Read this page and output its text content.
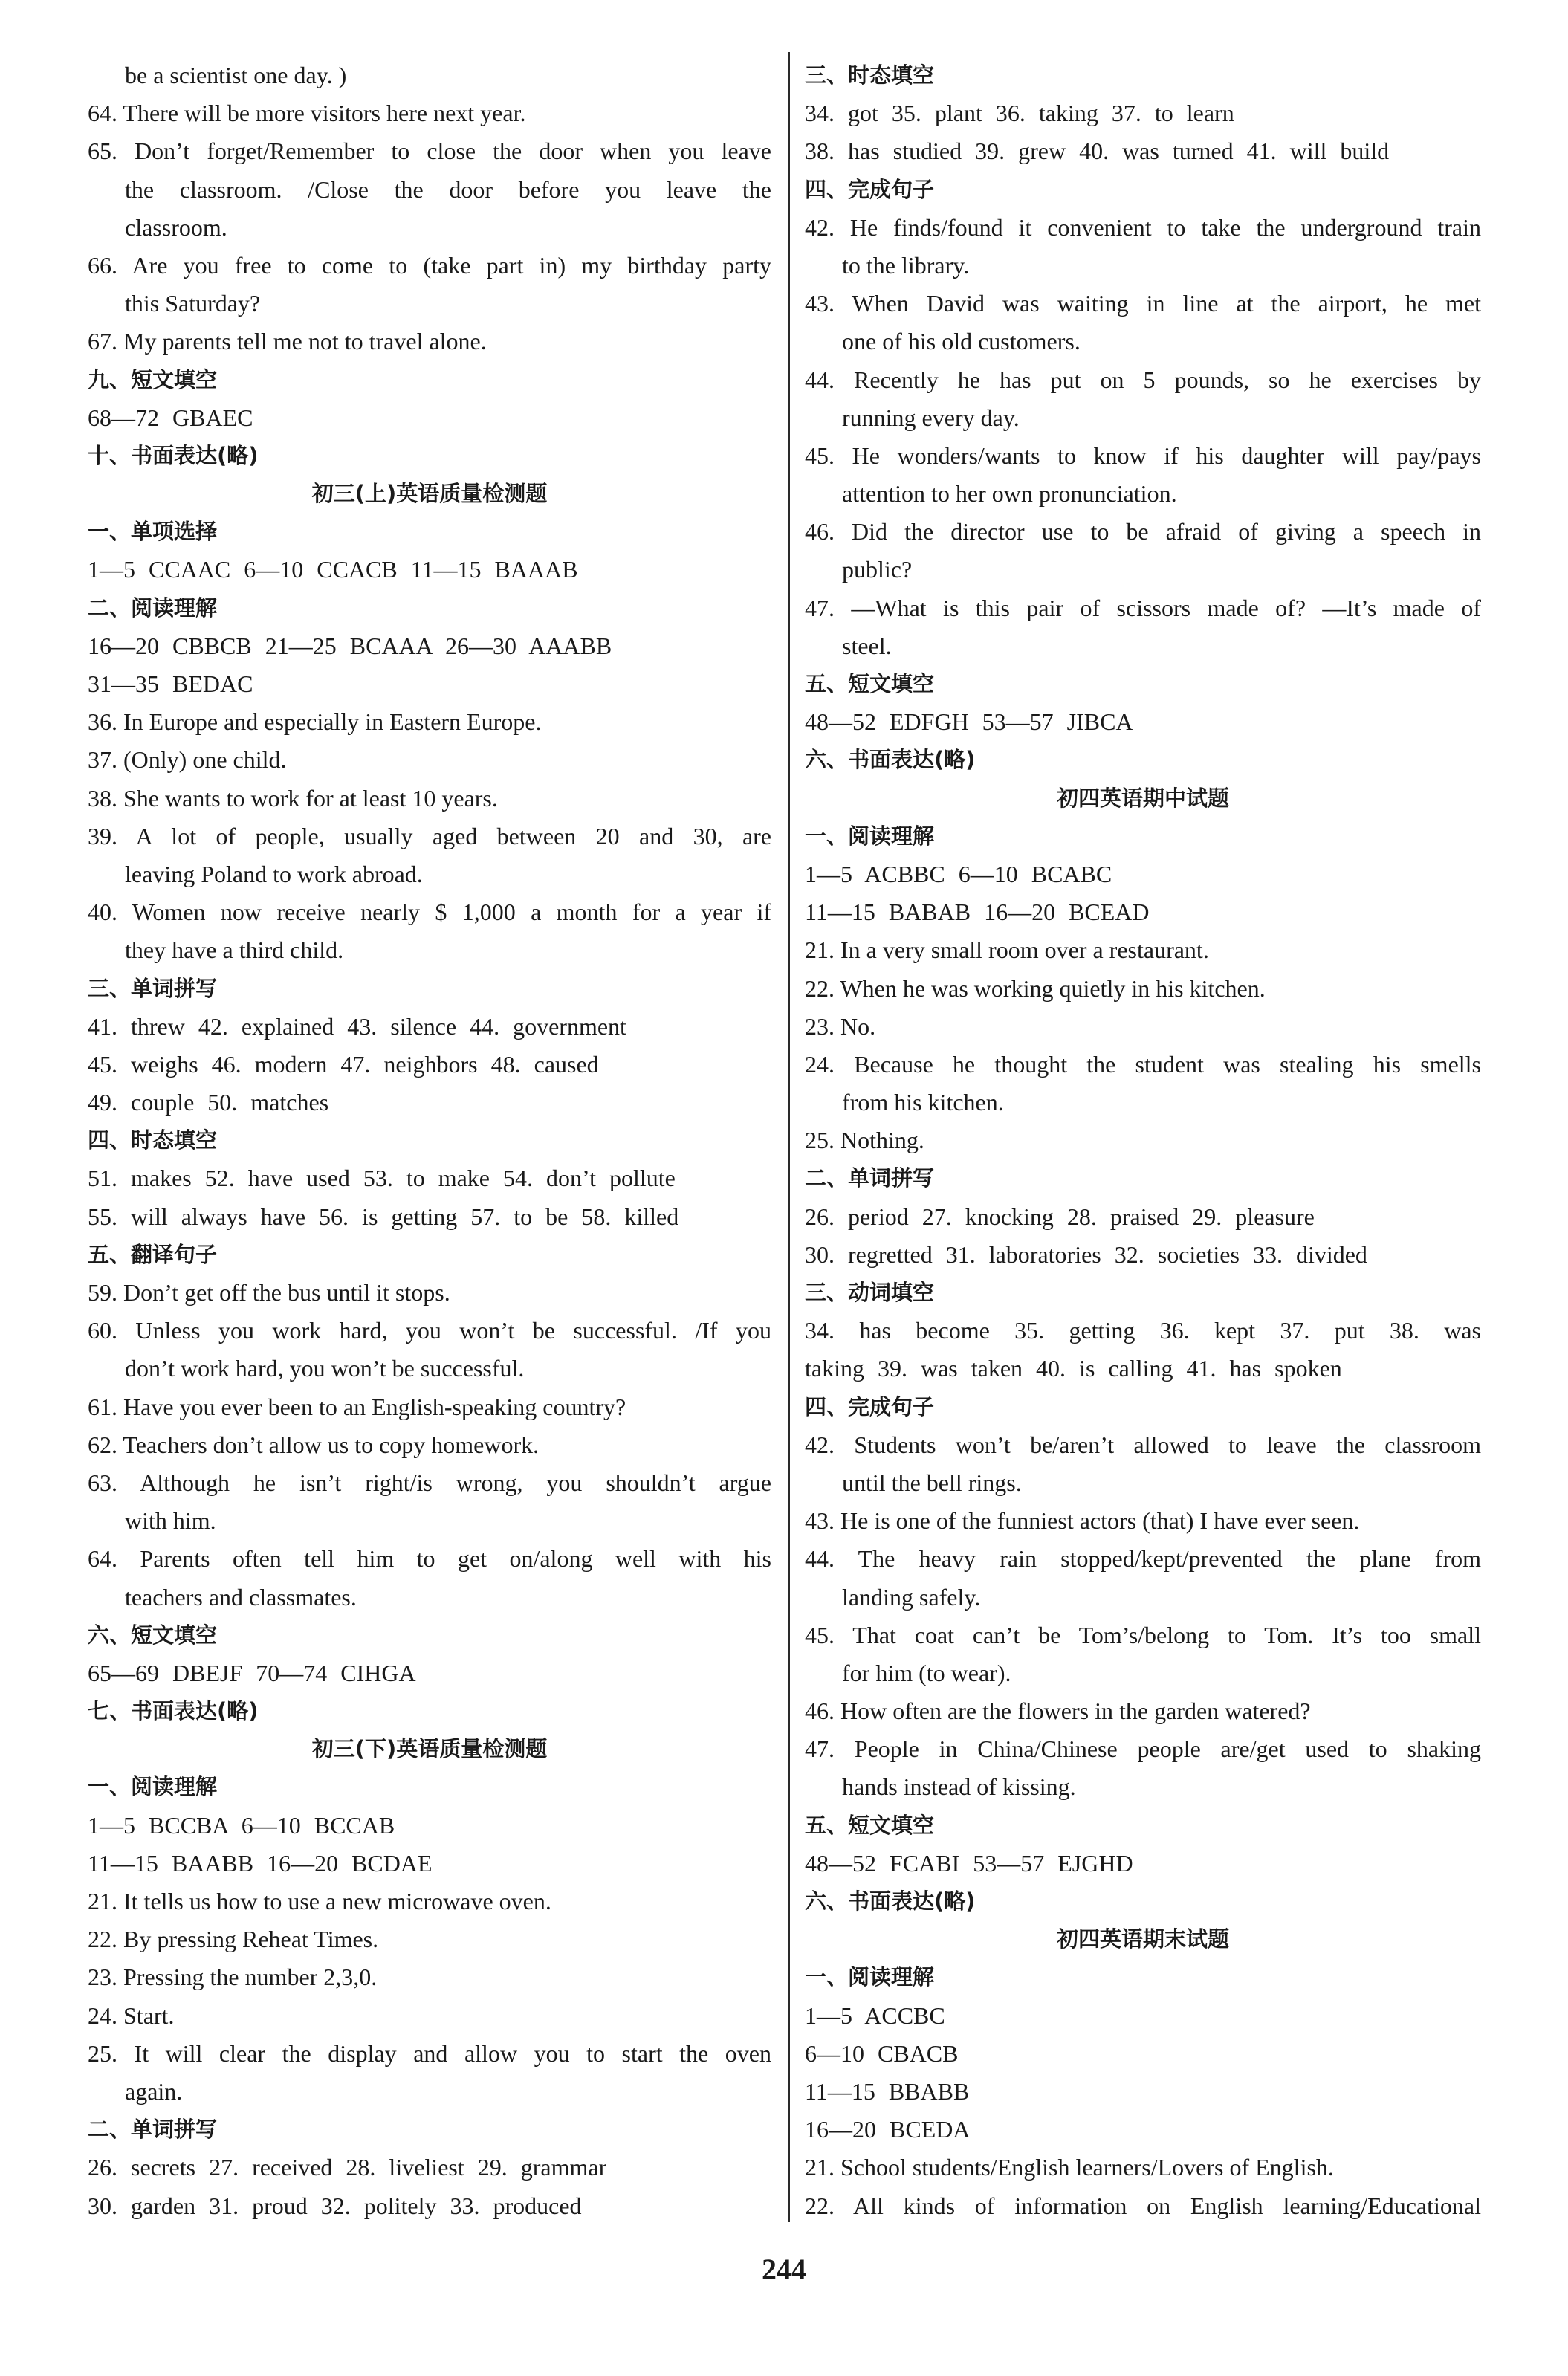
be a scientist one day. )
64. There will be more visitors here next year.
65. Don’t forget/Remember to close the door when you leave
the classroom. /Close the door before you leave the
classroom.
66. Are you free to come to (take part in) my birthday party
this Saturday?
67. My parents tell me not to travel alone.
九、短文填空
68—72 GBAEC
十、书面表达(略)
初三(上)英语质量检测题
一、单项选择
1—5 CCAAC 6—10 CCACB 11—15 BAAAB
二、阅读理解
16—20 CBBCB 21—25 BCAAA 26—30 AAABB
31—35 BEDAC
36. In Europe and especially in Eastern Europe.
37. (Only) one child.
38. She wants to work for at least 10 years.
39. A lot of people, usually aged between 20 and 30, are
leaving Poland to work abroad.
40. Women now receive nearly $ 1,000 a month for a year if
they have a third child.
三、单词拼写
41. threw 42. explained 43. silence 44. government
45. weighs 46. modern 47. neighbors 48. caused
49. couple 50. matches
四、时态填空
51. makes 52. have used 53. to make 54. don’t pollute
55. will always have 56. is getting 57. to be 58. killed
五、翻译句子
59. Don’t get off the bus until it stops.
60. Unless you work hard, you won’t be successful. /If you
don’t work hard, you won’t be successful.
61. Have you ever been to an English-speaking country?
62. Teachers don’t allow us to copy homework.
63. Although he isn’t right/is wrong, you shouldn’t argue
with him.
64. Parents often tell him to get on/along well with his
teachers and classmates.
六、短文填空
65—69 DBEJF 70—74 CIHGA
七、书面表达(略)
初三(下)英语质量检测题
一、阅读理解
1—5 BCCBA 6—10 BCCAB
11—15 BAABB 16—20 BCDAE
21. It tells us how to use a new microwave oven.
22. By pressing Reheat Times.
23. Pressing the number 2,3,0.
24. Start.
25. It will clear the display and allow you to start the oven
again.
二、单词拼写
26. secrets 27. received 28. liveliest 29. grammar
30. garden 31. proud 32. politely 33. produced
三、时态填空
34. got 35. plant 36. taking 37. to learn
38. has studied 39. grew 40. was turned 41. will build
四、完成句子
42. He finds/found it convenient to take the underground train
to the library.
43. When David was waiting in line at the airport, he met
one of his old customers.
44. Recently he has put on 5 pounds, so he exercises by
running every day.
45. He wonders/wants to know if his daughter will pay/pays
attention to her own pronunciation.
46. Did the director use to be afraid of giving a speech in
public?
47. —What is this pair of scissors made of? —It’s made of
steel.
五、短文填空
48—52 EDFGH 53—57 JIBCA
六、书面表达(略)
初四英语期中试题
一、阅读理解
1—5 ACBBC 6—10 BCABC
11—15 BABAB 16—20 BCEAD
21. In a very small room over a restaurant.
22. When he was working quietly in his kitchen.
23. No.
24. Because he thought the student was stealing his smells
from his kitchen.
25. Nothing.
二、单词拼写
26. period 27. knocking 28. praised 29. pleasure
30. regretted 31. laboratories 32. societies 33. divided
三、动词填空
34. has become 35. getting 36. kept 37. put 38. was
taking 39. was taken 40. is calling 41. has spoken
四、完成句子
42. Students won’t be/aren’t allowed to leave the classroom
until the bell rings.
43. He is one of the funniest actors (that) I have ever seen.
44. The heavy rain stopped/kept/prevented the plane from
landing safely.
45. That coat can’t be Tom’s/belong to Tom. It’s too small
for him (to wear).
46. How often are the flowers in the garden watered?
47. People in China/Chinese people are/get used to shaking
hands instead of kissing.
五、短文填空
48—52 FCABI 53—57 EJGHD
六、书面表达(略)
初四英语期末试题
一、阅读理解
1—5 ACCBC
6—10 CBACB
11—15 BBABB
16—20 BCEDA
21. School students/English learners/Lovers of English.
22. All kinds of information on English learning/Educational
244
